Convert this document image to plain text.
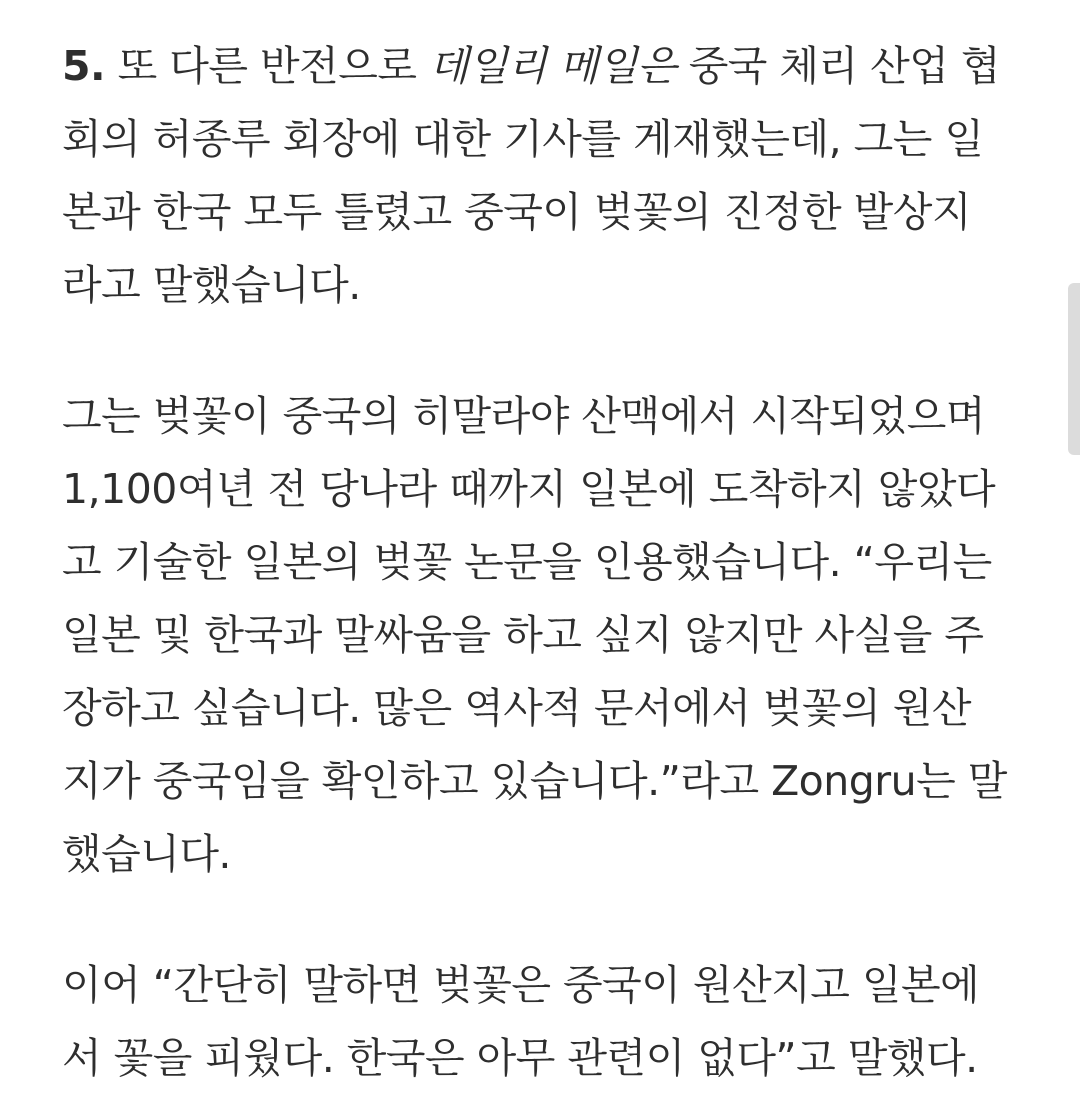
5. 또 다른 반전으로 데일리 메일은 중국 체리 산업 협
회의 허종루 회장에 대한 기사를 게재했는데, 그는 일
본과 한국 모두 틀렸고 중국이 벚꽃의 진정한 발상지
라고 말했습니다.

그는 벚꽃이 중국의 히말라야 산맥에서 시작되었으며
1,100여년 전 당나라 때까지 일본에 도착하지 않았다
고 기술한 일본의 벚꽃 논문을 인용했습니다. “우리는
일본 및 한국과 말싸움을 하고 싶지 않지만 사실을 주
장하고 싶습니다. 많은 역사적 문서에서 벚꽃의 원산
지가 중국임을 확인하고 있습니다.”라고 Zongru는 말
했습니다.

이어 “간단히 말하면 벚꽃은 중국이 원산지고 일본에
서 꽃을 피웠다. 한국은 아무 관련이 없다”고 말했다.
